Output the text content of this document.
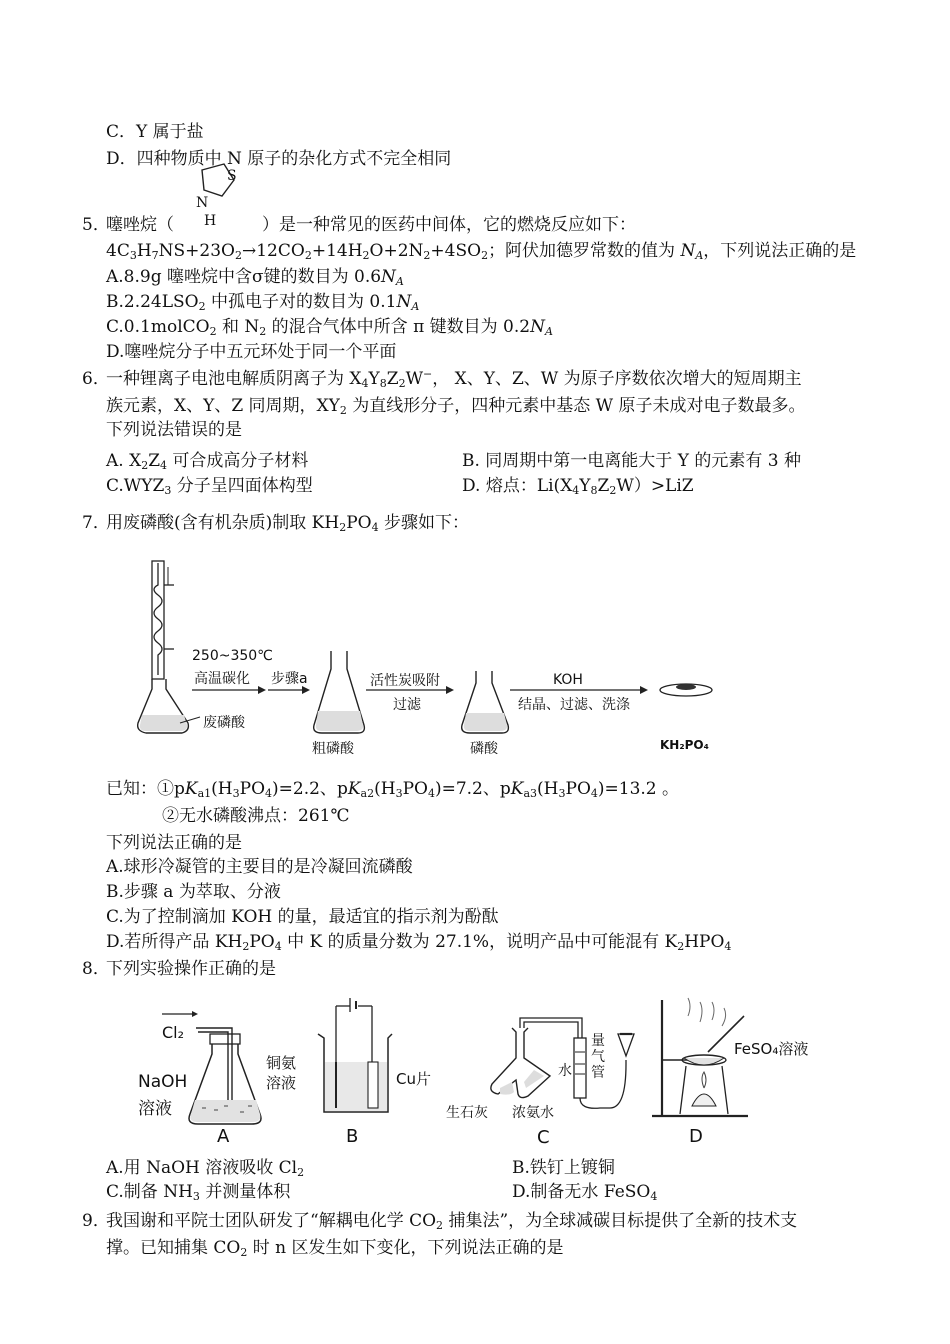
C．Y 属于盐
D．四种物质中 N 原子的杂化方式不完全相同
S
N
H
5．
噻唑烷（	）是一种常见的医药中间体，它的燃烧反应如下：
$4C_3H_7NS+23O_2\to 12CO_2+14H_2O+2N_2+4SO_2$；阿伏加德罗常数的值为 $N_A$，下列说法正确的是
A.8.9g 噻唑烷中含σ键的数目为 $0.6N_A$
$B.2.24LSO_2$ 中孤电子对的数目为 $0.1N_A$
C.0.1molCO$_2$ 和 $N_2$ 的混合气体中所含 π 键数目为 $0.2N_A$
D.噻唑烷分子中五元环处于同一个平面
6．
一种锂离子电池电解质阴离子为 $X_4Y_8Z_2W^-$， X、Y、Z、W 为原子序数依次增大的短周期主
族元素，X、Y、Z 同周期，$XY_2$ 为直线形分子，四种元素中基态 W 原子未成对电子数最多。
下列说法错误的是
A. $X_2Z_4$ 可合成高分子材料	B. 同周期中第一电离能大于 Y 的元素有 3 种
$C.WYZ_3$ 分子呈四面体构型	D. 熔点：$Li(X_4Y_8Z_2W)>LiZ$
7．
用废磷酸(含有机杂质)制取 $KH_2PO_4$ 步骤如下：
250~350℃
高温碳化 步骤a	活性炭吸附
过滤
KOH
结晶、过滤、洗涤
废磷酸
粗磷酸	磷酸	KH₂PO₄
已知：$①pK_{a1}(H_3PO_4)=2.2$、$pK_{a2}(H_3PO_4)=7.2$、$pK_{a3}(H_3PO_4)=13.2$ 。
②无水磷酸沸点：261℃
下列说法正确的是
A.球形冷凝管的主要目的是冷凝回流磷酸
B.步骤 a 为萃取、分液
C.为了控制滴加 KOH 的量，最适宜的指示剂为酚酞
D.若所得产品 $KH_2PO_4$ 中 K 的质量分数为 27.1%，说明产品中可能混有 $K_2HPO_4$
8．
下列实验操作正确的是
Cl₂
NaOH
溶液
A
铜氨
溶液	Cu片
B
量
气
管
水
生石灰 浓氨水
C
FeSO₄溶液
D
A.用 NaOH 溶液吸收 $Cl_2$	B.铁钉上镀铜
C.制备 $NH_3$ 并测量体积	D.制备无水 FeSO$_4$
9．
我国谢和平院士团队研发了“解耦电化学 $CO_2$ 捕集法”，为全球减碳目标提供了全新的技术支
撑。已知捕集 $CO_2$ 时 n 区发生如下变化，下列说法正确的是
